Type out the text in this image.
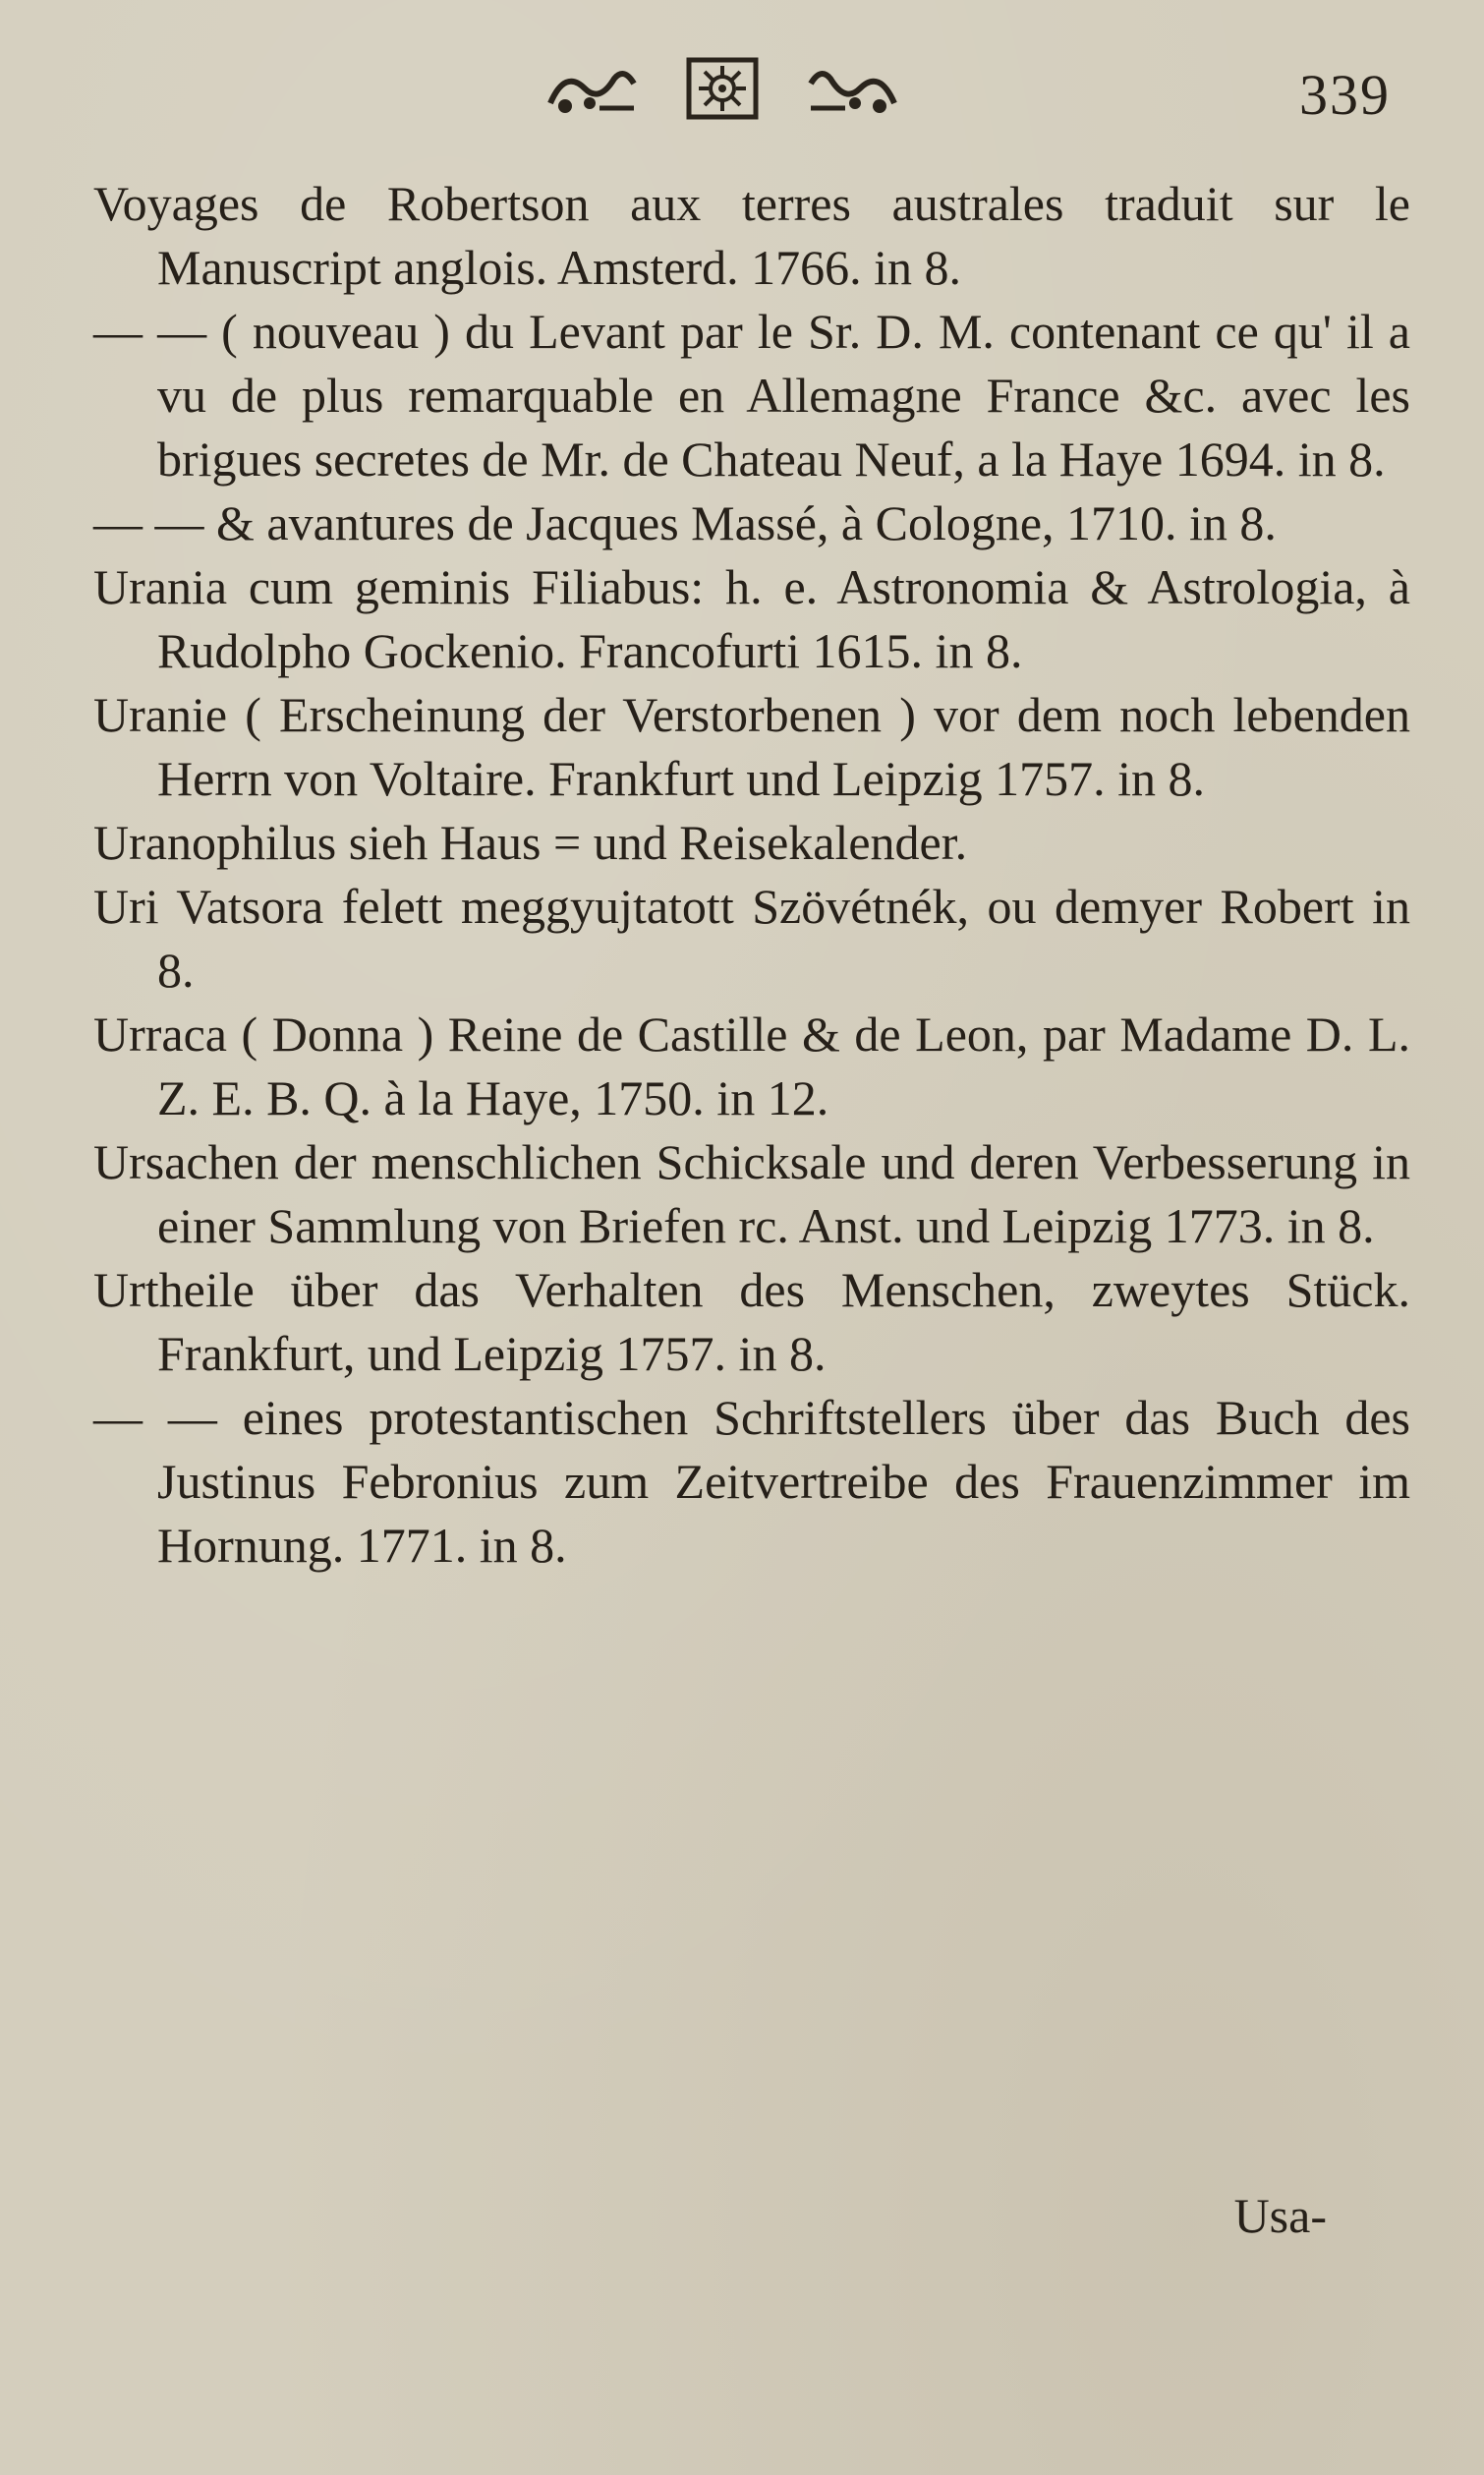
339

Voyages de Robertson aux terres australes traduit sur le Manuscript anglois. Amsterd. 1766. in 8.

— — ( nouveau ) du Levant par le Sr. D. M. contenant ce qu' il a vu de plus remarquable en Allemagne France &c. avec les brigues secretes de Mr. de Chateau Neuf, a la Haye 1694. in 8.

— — & avantures de Jacques Massé, à Cologne, 1710. in 8.

Urania cum geminis Filiabus: h. e. Astronomia & Astrologia, à Rudolpho Gockenio. Francofurti 1615. in 8.

Uranie ( Erscheinung der Verstorbenen ) vor dem noch lebenden Herrn von Voltaire. Frankfurt und Leipzig 1757. in 8.

Uranophilus sieh Haus = und Reisekalender.

Uri Vatsora felett meggyujtatott Szövétnék, ou demyer Robert in 8.

Urraca ( Donna ) Reine de Castille & de Leon, par Madame D. L. Z. E. B. Q. à la Haye, 1750. in 12.

Ursachen der menschlichen Schicksale und deren Verbesserung in einer Sammlung von Briefen rc. Anst. und Leipzig 1773. in 8.

Urtheile über das Verhalten des Menschen, zweytes Stück. Frankfurt, und Leipzig 1757. in 8.

— — eines protestantischen Schriftstellers über das Buch des Justinus Febronius zum Zeitvertreibe des Frauenzimmer im Hornung. 1771. in 8.

Usa-
